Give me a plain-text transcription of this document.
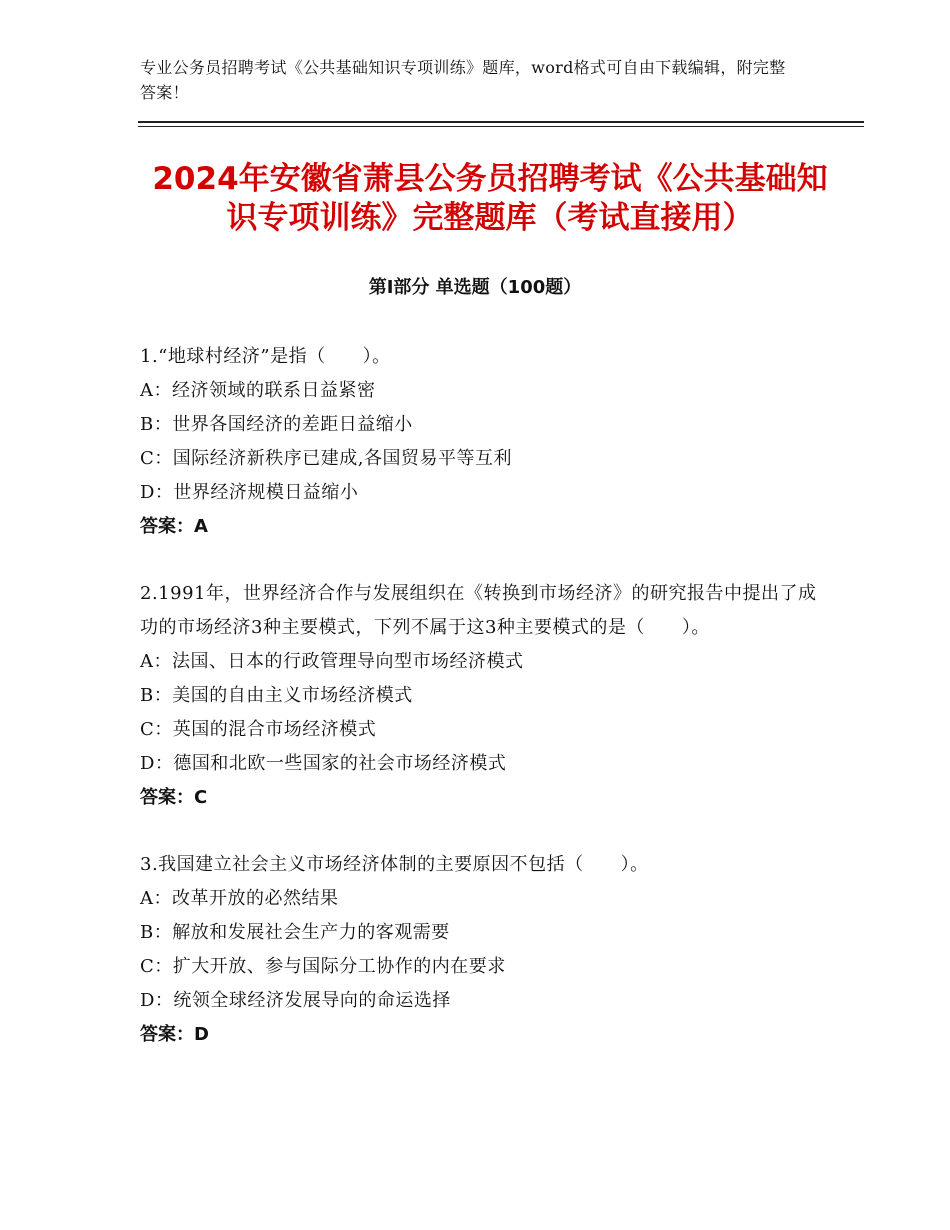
专业公务员招聘考试《公共基础知识专项训练》题库，word格式可自由下载编辑，附完整答案！
2024年安徽省萧县公务员招聘考试《公共基础知识专项训练》完整题库（考试直接用）
第Ⅰ部分 单选题（100题）
1.“地球村经济”是指（　　）。
A：经济领域的联系日益紧密
B：世界各国经济的差距日益缩小
C：国际经济新秩序已建成,各国贸易平等互利
D：世界经济规模日益缩小
答案：A
2.1991年，世界经济合作与发展组织在《转换到市场经济》的研究报告中提出了成功的市场经济3种主要模式，下列不属于这3种主要模式的是（　　）。
A：法国、日本的行政管理导向型市场经济模式
B：美国的自由主义市场经济模式
C：英国的混合市场经济模式
D：德国和北欧一些国家的社会市场经济模式
答案：C
3.我国建立社会主义市场经济体制的主要原因不包括（　　）。
A：改革开放的必然结果
B：解放和发展社会生产力的客观需要
C：扩大开放、参与国际分工协作的内在要求
D：统领全球经济发展导向的命运选择
答案：D
